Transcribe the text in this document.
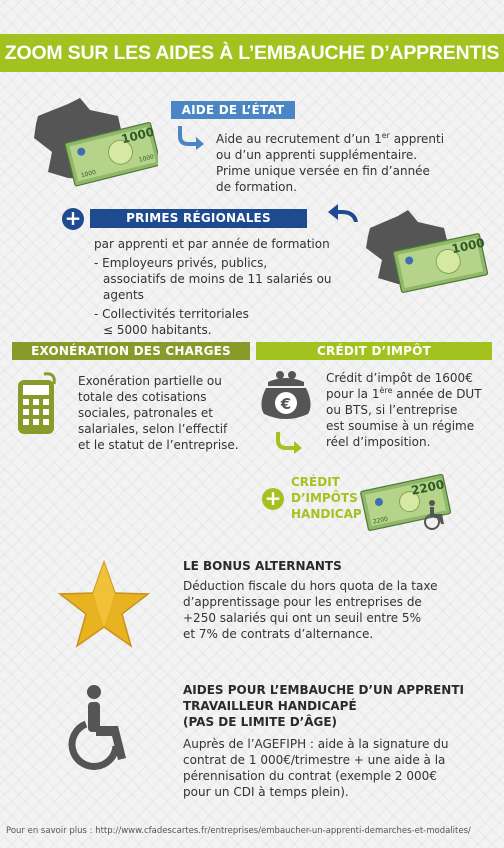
ZOOM SUR LES AIDES À L’EMBAUCHE D’APPRENTIS
1000
1000
1000
AIDE DE L’ÉTAT
Aide au recrutement d’un 1er apprenti
ou d’un apprenti supplémentaire.
Prime unique versée en fin d’année
de formation.
+	PRIMES RÉGIONALES
1000
par apprenti et par année de formation
- Employeurs privés, publics,
associatifs de moins de 11 salariés ou agents
- Collectivités territoriales
≤ 5000 habitants.
EXONÉRATION DES CHARGES
Exonération partielle ou
totale des cotisations
sociales, patronales et
salariales, selon l’effectif
et le statut de l’entreprise.
CRÉDIT D’IMPÔT
€
Crédit d’impôt de 1600€
pour la 1ère année de DUT
ou BTS, si l’entreprise
est soumise à un régime
réel d’imposition.
+
CRÉDIT
D’IMPÔTS
HANDICAP
2200
2200
LE BONUS ALTERNANTS
Déduction fiscale du hors quota de la taxe
d’apprentissage pour les entreprises de
+250 salariés qui ont un seuil entre 5%
et 7% de contrats d’alternance.
AIDES POUR L’EMBAUCHE D’UN APPRENTI
TRAVAILLEUR HANDICAPÉ
(PAS DE LIMITE D’ÂGE)
Auprès de l’AGEFIPH : aide à la signature du
contrat de 1 000€/trimestre + une aide à la
pérennisation du contrat (exemple 2 000€
pour un CDI à temps plein).
Pour en savoir plus : http://www.cfadescartes.fr/entreprises/embaucher-un-apprenti-demarches-et-modalites/
